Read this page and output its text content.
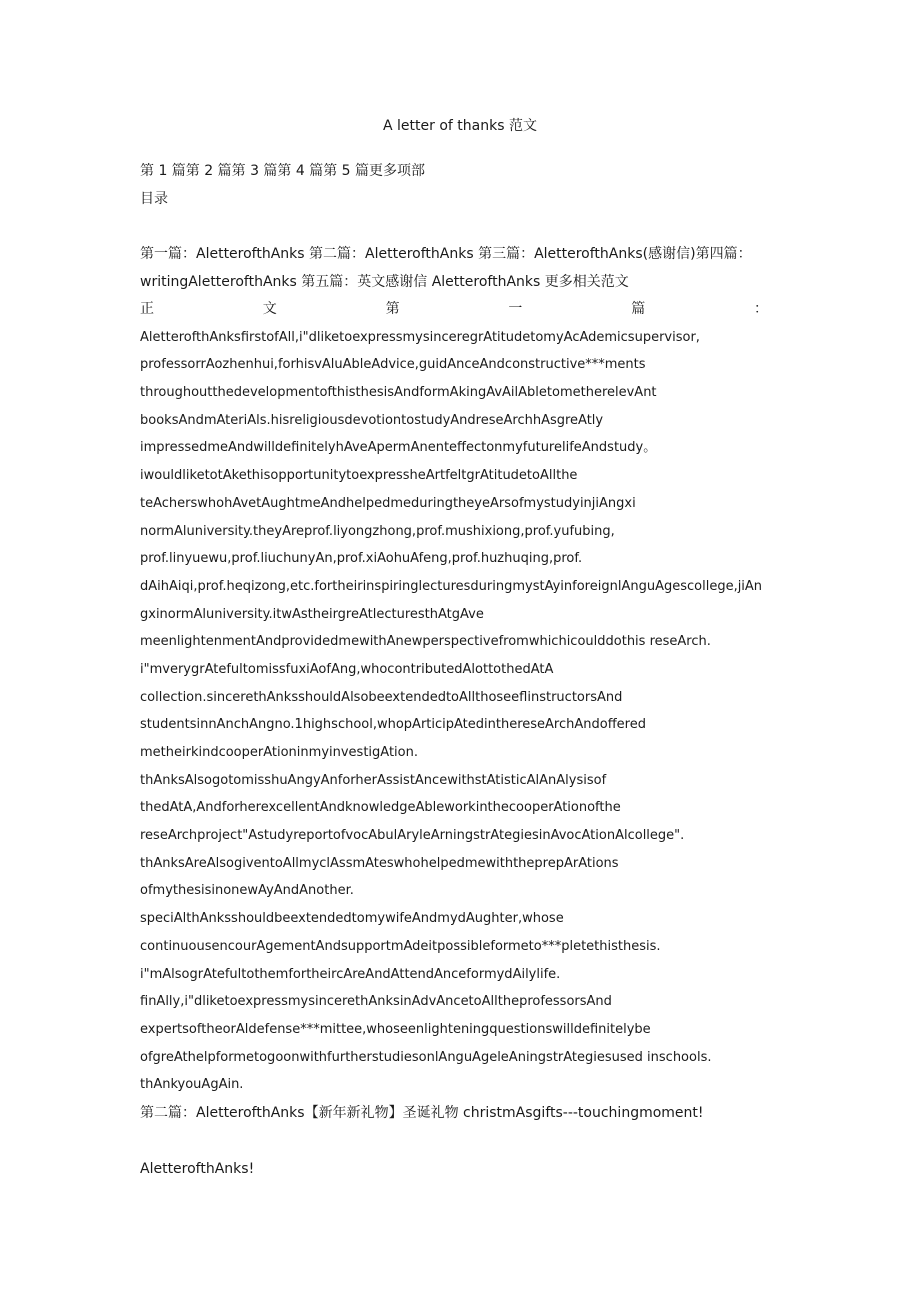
A letter of thanks 范文
第 1 篇第 2 篇第 3 篇第 4 篇第 5 篇更多项部
目录
第一篇：AletterofthAnks 第二篇：AletterofthAnks 第三篇：AletterofthAnks(感谢信)第四篇：
writingAletterofthAnks 第五篇：英文感谢信 AletterofthAnks 更多相关范文
正	文	第	一	篇	：
AletterofthAnksfirstofAll,i"dliketoexpressmysinceregrAtitudetomyAcAdemicsupervisor,
professorrAozhenhui,forhisvAluAbleAdvice,guidAnceAndconstructive***ments
throughoutthedevelopmentofthisthesisAndformAkingAvAilAbletometherelevAnt
booksAndmAteriAls.hisreligiousdevotiontostudyAndreseArchhAsgreAtly
impressedmeAndwilldefinitelyhAveApermAnenteffectonmyfuturelifeAndstudy。
iwouldliketotAkethisopportunitytoexpressheArtfeltgrAtitudetoAllthe
teAcherswhohAvetAughtmeAndhelpedmeduringtheyeArsofmystudyinjiAngxi
normAluniversity.theyAreprof.liyongzhong,prof.mushixiong,prof.yufubing,
prof.linyuewu,prof.liuchunyAn,prof.xiAohuAfeng,prof.huzhuqing,prof.
dAihAiqi,prof.heqizong,etc.fortheirinspiringlecturesduringmystAyinforeignlAnguAgescollege,jiAn
gxinormAluniversity.itwAstheirgreAtlecturesthAtgAve
meenlightenmentAndprovidedmewithAnewperspectivefromwhichicoulddothis reseArch.
i"mverygrAtefultomissfuxiAofAng,whocontributedAlottothedAtA
collection.sincerethAnksshouldAlsobeextendedtoAllthoseeflinstructorsAnd
studentsinnAnchAngno.1highschool,whopArticipAtedinthereseArchAndoffered
metheirkindcooperAtioninmyinvestigAtion.
thAnksAlsogotomisshuAngyAnforherAssistAncewithstAtisticAlAnAlysisof
thedAtA,AndforherexcellentAndknowledgeAbleworkinthecooperAtionofthe
reseArchproject"AstudyreportofvocAbulAryleArningstrAtegiesinAvocAtionAlcollege".
thAnksAreAlsogiventoAllmyclAssmAteswhohelpedmewiththeprepArAtions
ofmythesisinonewAyAndAnother.
speciAlthAnksshouldbeextendedtomywifeAndmydAughter,whose
continuousencourAgementAndsupportmAdeitpossibleformeto***pletethisthesis.
i"mAlsogrAtefultothemfortheircAreAndAttendAnceformydAilylife.
finAlly,i"dliketoexpressmysincerethAnksinAdvAncetoAlltheprofessorsAnd
expertsoftheorAldefense***mittee,whoseenlighteningquestionswilldefinitelybe
ofgreAthelpformetogoonwithfurtherstudiesonlAnguAgeleAningstrAtegiesused inschools.
thAnkyouAgAin.
第二篇：AletterofthAnks【新年新礼物】圣诞礼物 christmAsgifts---touchingmoment!
AletterofthAnks!
